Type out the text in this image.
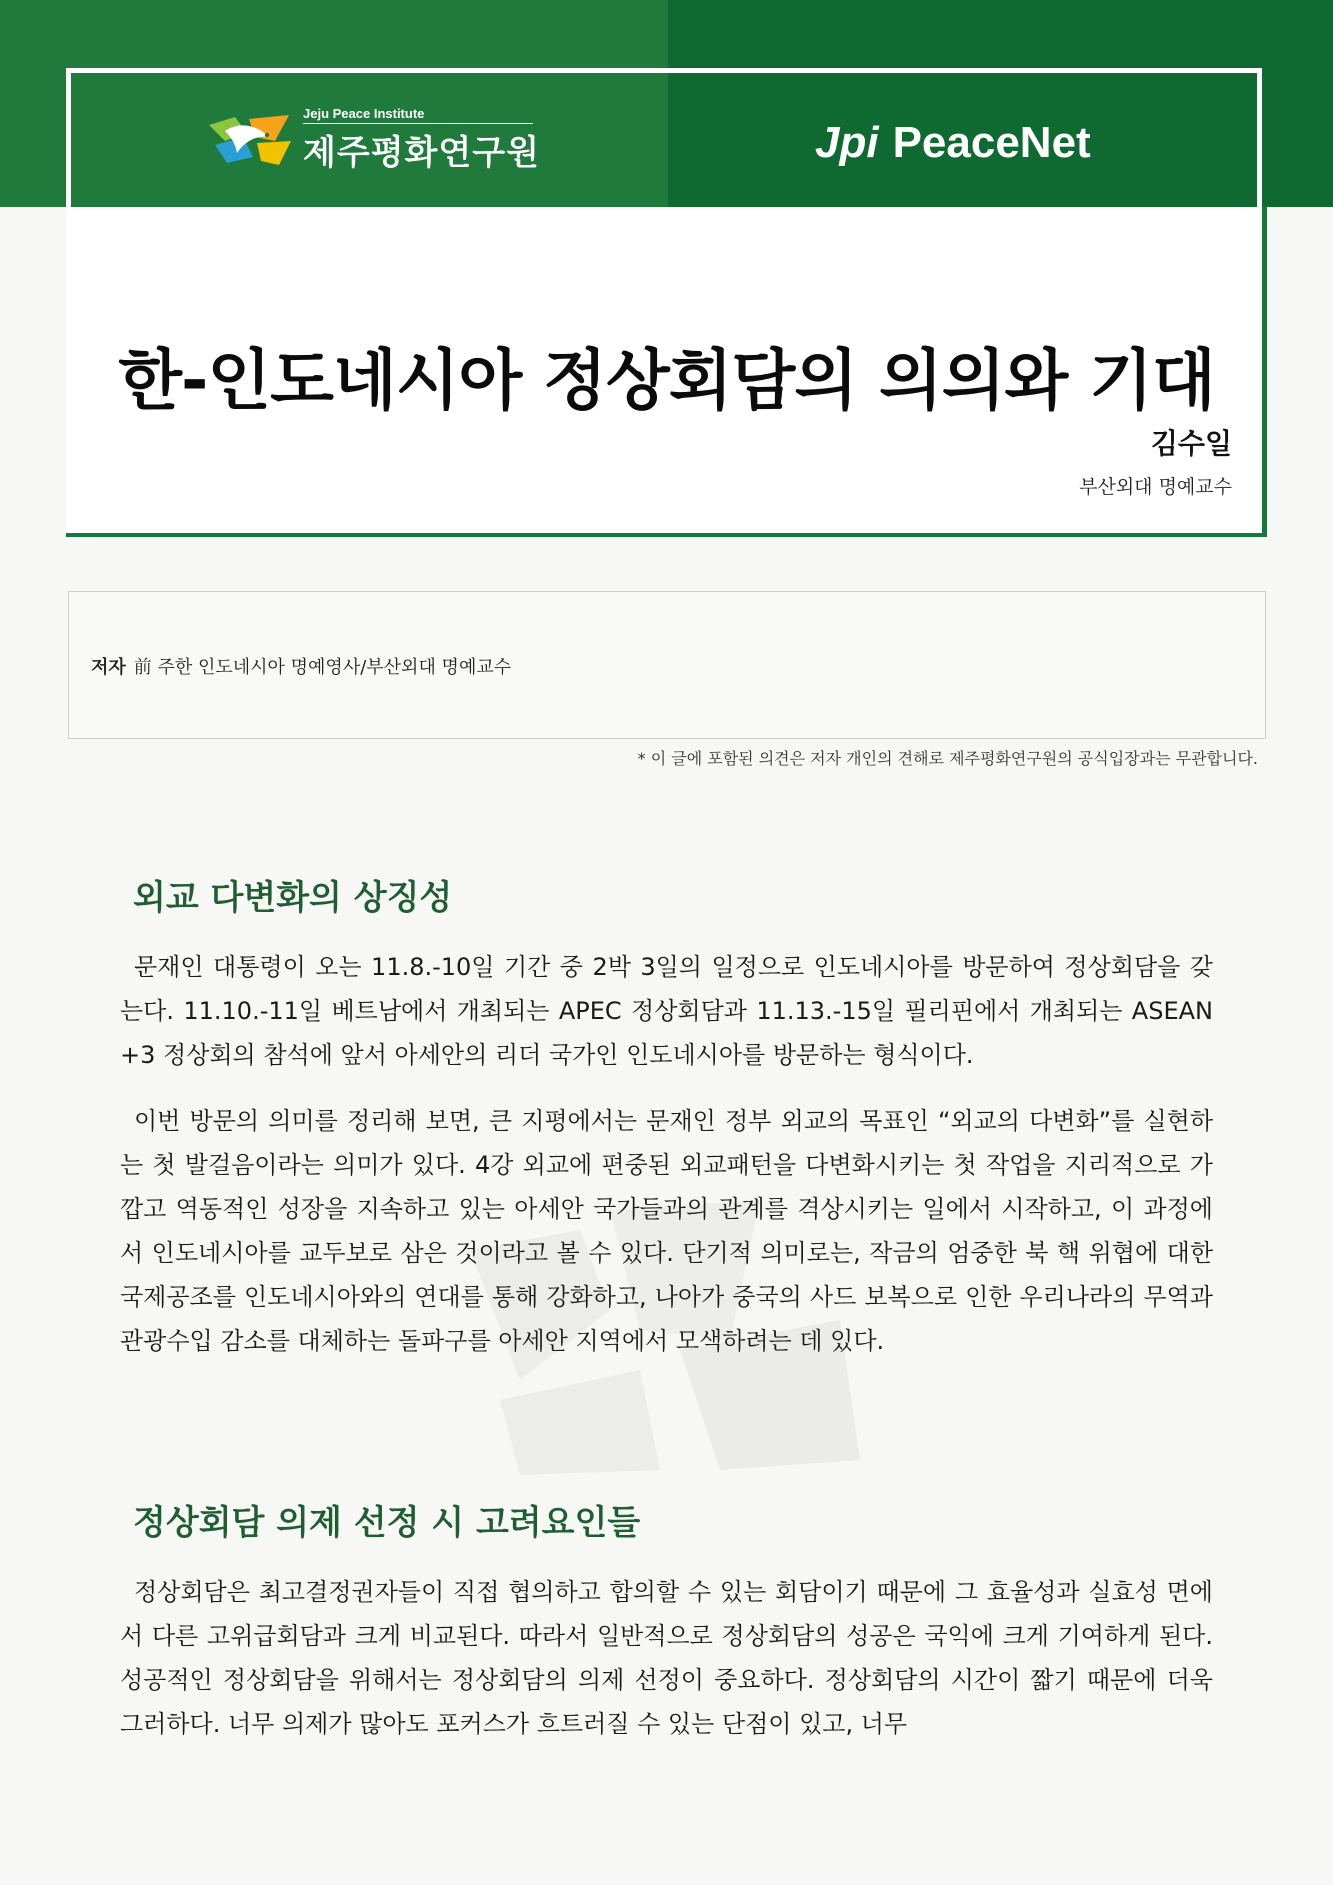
Jeju Peace Institute
제주평화연구원	Jpi PeaceNet
한-인도네시아 정상회담의 의의와 기대
김수일
부산외대 명예교수
저자 前 주한 인도네시아 명예영사/부산외대 명예교수
* 이 글에 포함된 의견은 저자 개인의 견해로 제주평화연구원의 공식입장과는 무관합니다.
외교 다변화의 상징성

문재인 대통령이 오는 11.8.-10일 기간 중 2박 3일의 일정으로 인도네시아를 방문하여 정상회담을 갖는다. 11.10.-11일 베트남에서 개최되는 APEC 정상회담과 11.13.-15일 필리핀에서 개최되는 ASEAN +3 정상회의 참석에 앞서 아세안의 리더 국가인 인도네시아를 방문하는 형식이다.

이번 방문의 의미를 정리해 보면, 큰 지평에서는 문재인 정부 외교의 목표인 “외교의 다변화”를 실현하는 첫 발걸음이라는 의미가 있다. 4강 외교에 편중된 외교패턴을 다변화시키는 첫 작업을 지리적으로 가깝고 역동적인 성장을 지속하고 있는 아세안 국가들과의 관계를 격상시키는 일에서 시작하고, 이 과정에서 인도네시아를 교두보로 삼은 것이라고 볼 수 있다. 단기적 의미로는, 작금의 엄중한 북 핵 위협에 대한 국제공조를 인도네시아와의 연대를 통해 강화하고, 나아가 중국의 사드 보복으로 인한 우리나라의 무역과 관광수입 감소를 대체하는 돌파구를 아세안 지역에서 모색하려는 데 있다.

정상회담 의제 선정 시 고려요인들

정상회담은 최고결정권자들이 직접 협의하고 합의할 수 있는 회담이기 때문에 그 효율성과 실효성 면에서 다른 고위급회담과 크게 비교된다. 따라서 일반적으로 정상회담의 성공은 국익에 크게 기여하게 된다. 성공적인 정상회담을 위해서는 정상회담의 의제 선정이 중요하다. 정상회담의 시간이 짧기 때문에 더욱 그러하다. 너무 의제가 많아도 포커스가 흐트러질 수 있는 단점이 있고, 너무
